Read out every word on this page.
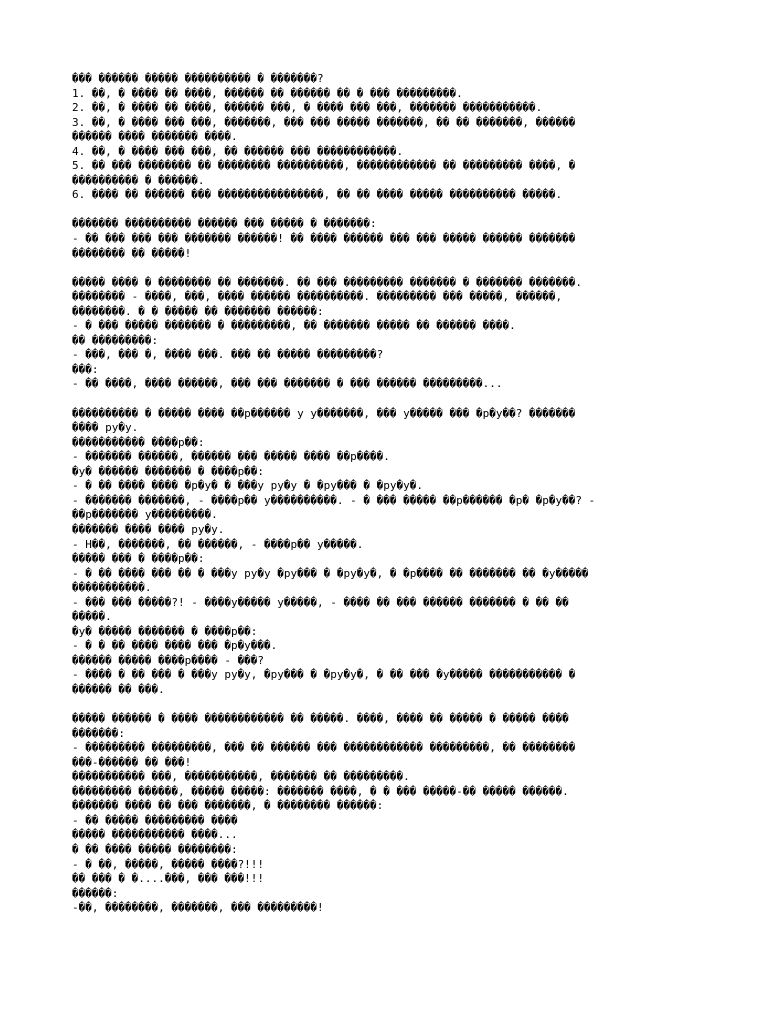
��� ������ ����� ���������� � �������?
1. ��, � ���� �� ����, ������ �� ������ �� � ��� ���������.
2. ��, � ���� �� ����, ������ ���, � ���� ��� ���, ������� �����������.
3. ��, � ���� ��� ���, �������, ��� ��� ����� �������, �� �� �������, ������
������ ���� ������� ����.
4. ��, � ���� ��� ���, �� ������ ��� ������������.
5. �� ��� �������� �� �������� ����������, ������������ �� ��������� ����, �
���������� � ������.
6. ���� �� ������ ��� ����������������, �� �� ���� ����� ���������� �����.
������� ���������� ������ ��� ����� � �������:
- �� ��� ��� ��� ������� ������! �� ���� ������ ��� ��� ����� ������ �������
�������� �� �����!
����� ���� � �������� �� �������. �� ��� ��������� ������� � ������� �������.
�������� - ����, ���, ���� ������ ����������. ��������� ��� �����, ������,
��������. � � ����� �� ������� ������:
- � ��� ����� ������� � ���������, �� ������� ����� �� ������ ����.
�� ���������:
- ���, ��� �, ���� ���. ��� �� ����� ���������?
���:
- �� ����, ���� ������, ��� ��� ������� � ��� ������ ���������...
���������� � ����� ���� ��р������ у у�������, ��� у����� ��� �р�у��? �������
���� ру�у.
����������� ����р��:
- ������� ������, ������ ��� ����� ���� ��р����.
�у� ������ ������� � ����р��:
- � �� ���� ���� �р�у� � ���у ру�у � �ру��� � �ру�у�.
- ������� �������, - ����р�� у����������. - � ��� ����� ��р������ �р� �р�у��? -
��р������� у���������.
������� ���� ���� ру�у.
- Н��, �������, �� ������, - ����р�� у�����.
����� ��� � ����р��:
- � �� ���� ��� �� � ���у ру�у �ру��� � �ру�у�, � �р���� �� ������� �� �у�����
�����������.
- ��� ��� �����?! - ����у����� у�����, - ���� �� ��� ������ ������� � �� ��
�����.
�у� ����� ������� � ����р��:
- � � �� ���� ���� ��� �р�у���.
������ ����� ����р���� - ���?
- ���� � �� ��� � ���у ру�у, �ру��� � �ру�у�, � �� ��� �у����� ����������� �
������ �� ���.
����� ������ � ���� ������������ �� �����. ����, ���� �� ����� � ����� ����
�������:
- ��������� ���������, ��� �� ������ ��� ������������ ���������, �� ��������
���-������ �� ���!
����������� ���, �����������, ������� �� ���������.
��������� ������, ����� �����: ������� ����, � � ��� �����-�� ����� ������.
������� ���� �� ��� �������, � �������� ������:
- �� ����� ��������� ����
����� ����������� ����...
� �� ���� ����� ��������:
- � ��, �����, ����� ����?!!!
�� ��� � �....���, ��� ���!!!
������:
-��, ��������, �������, ��� ���������!
